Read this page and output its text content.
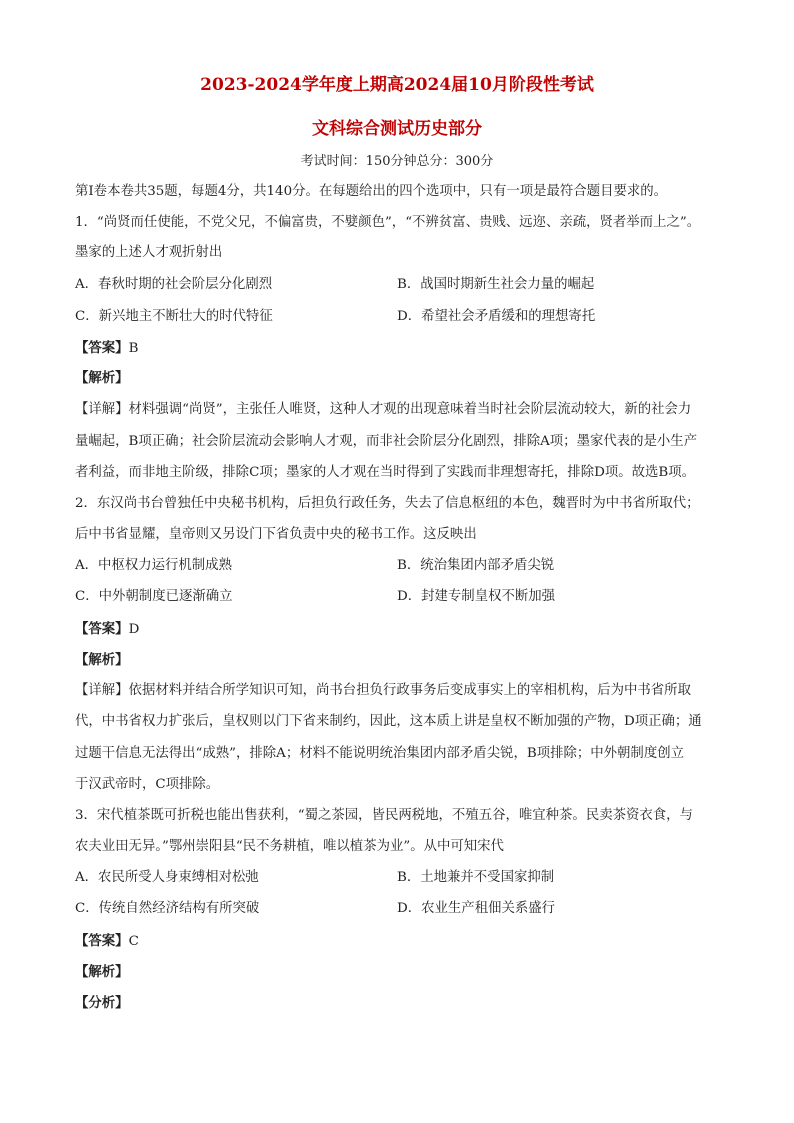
2023-2024学年度上期高2024届10月阶段性考试
文科综合测试历史部分
考试时间：150分钟总分：300分
第Ⅰ卷本卷共35题，每题4分，共140分。在每题给出的四个选项中，只有一项是最符合题目要求的。
1．“尚贤而任使能，不党父兄，不偏富贵，不嬖颜色”，“不辨贫富、贵贱、远迩、亲疏，贤者举而上之”。
墨家的上述人才观折射出
A．春秋时期的社会阶层分化剧烈	B．战国时期新生社会力量的崛起
C．新兴地主不断壮大的时代特征	D．希望社会矛盾缓和的理想寄托
【答案】B
【解析】
【详解】材料强调“尚贤”，主张任人唯贤，这种人才观的出现意味着当时社会阶层流动较大，新的社会力
量崛起，B项正确；社会阶层流动会影响人才观，而非社会阶层分化剧烈，排除A项；墨家代表的是小生产
者利益，而非地主阶级，排除C项；墨家的人才观在当时得到了实践而非理想寄托，排除D项。故选B项。
2．东汉尚书台曾独任中央秘书机构，后担负行政任务，失去了信息枢纽的本色，魏晋时为中书省所取代；
后中书省显耀，皇帝则又另设门下省负责中央的秘书工作。这反映出
A．中枢权力运行机制成熟	B．统治集团内部矛盾尖锐
C．中外朝制度已逐渐确立	D．封建专制皇权不断加强
【答案】D
【解析】
【详解】依据材料并结合所学知识可知，尚书台担负行政事务后变成事实上的宰相机构，后为中书省所取
代，中书省权力扩张后，皇权则以门下省来制约，因此，这本质上讲是皇权不断加强的产物，D项正确；通
过题干信息无法得出“成熟”，排除A；材料不能说明统治集团内部矛盾尖锐，B项排除；中外朝制度创立
于汉武帝时，C项排除。
3．宋代植茶既可折税也能出售获利，“蜀之茶园，皆民两税地，不殖五谷，唯宜种茶。民卖茶资衣食，与
农夫业田无异。”鄂州崇阳县“民不务耕植，唯以植茶为业”。从中可知宋代
A．农民所受人身束缚相对松弛	B．土地兼并不受国家抑制
C．传统自然经济结构有所突破	D．农业生产租佃关系盛行
【答案】C
【解析】
【分析】
